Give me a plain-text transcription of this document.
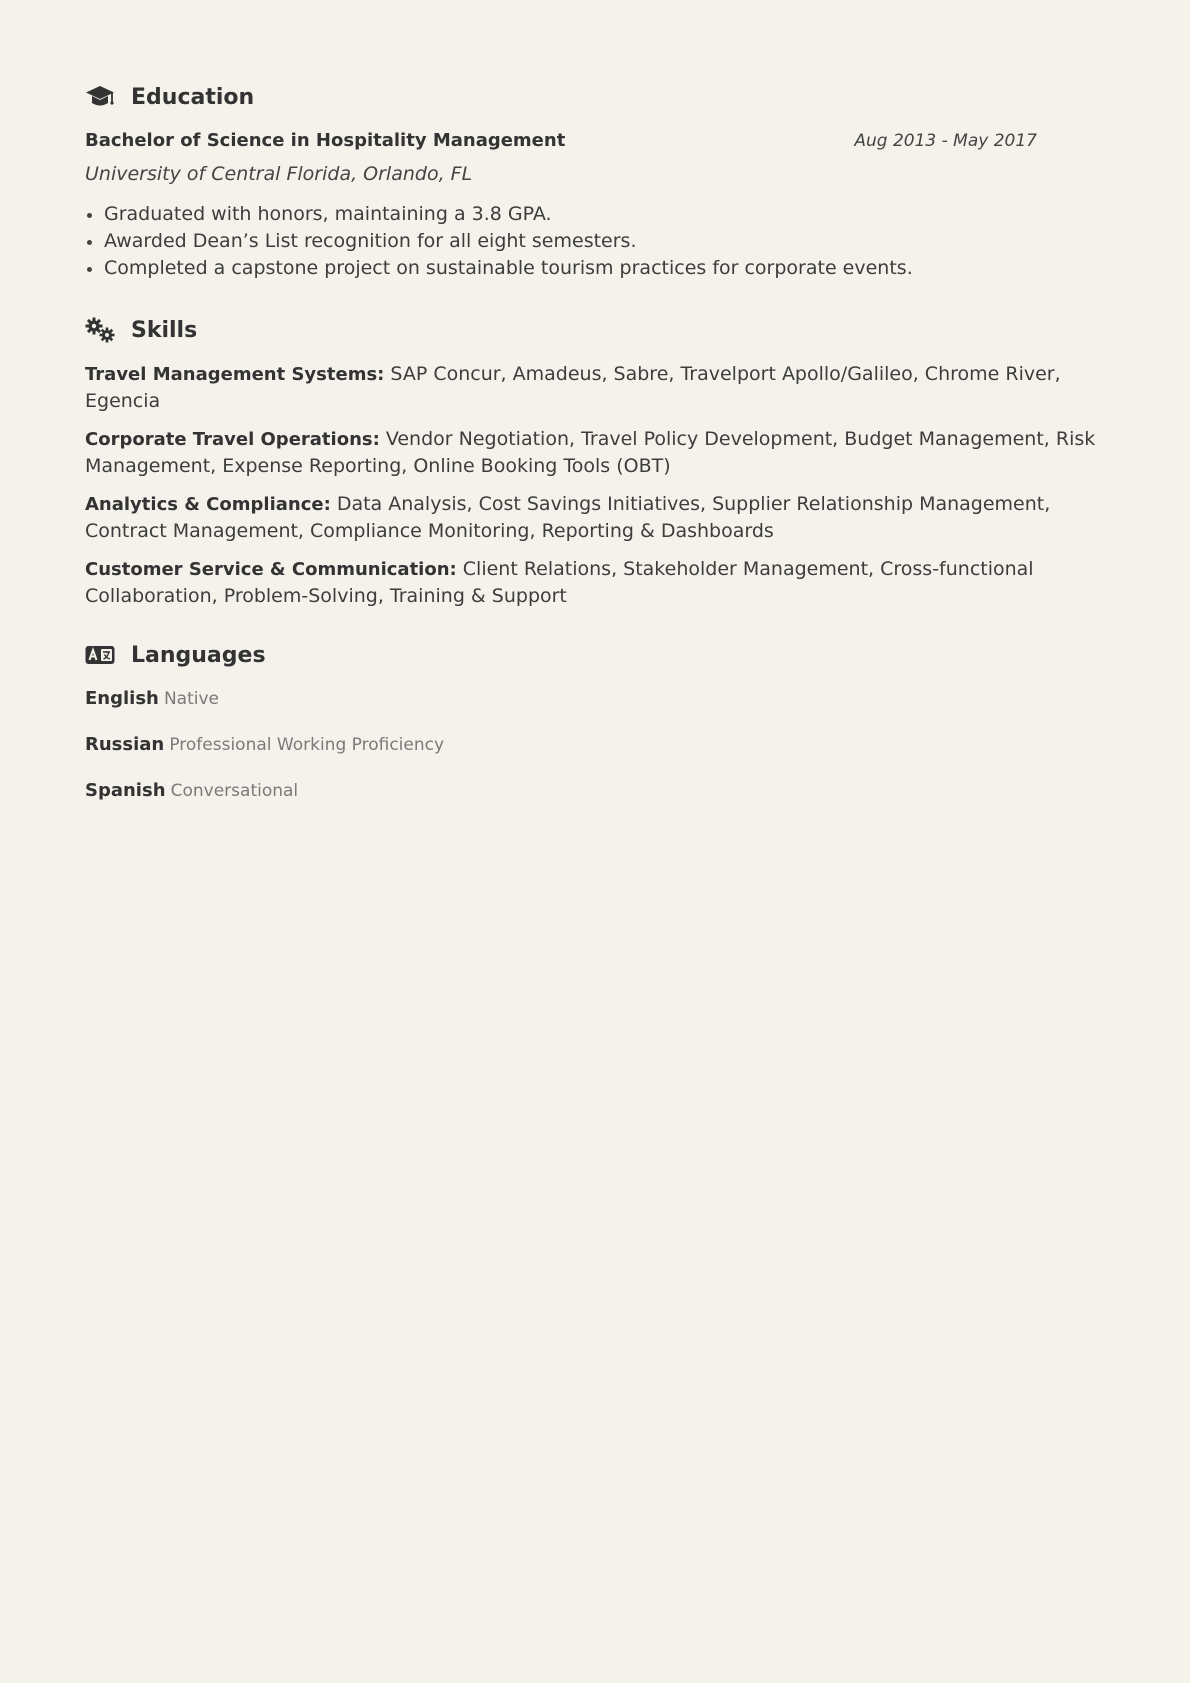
Education
Bachelor of Science in Hospitality Management	Aug 2013 - May 2017
University of Central Florida, Orlando, FL
Graduated with honors, maintaining a 3.8 GPA.
Awarded Dean’s List recognition for all eight semesters.
Completed a capstone project on sustainable tourism practices for corporate events.
Skills

Travel Management Systems: SAP Concur, Amadeus, Sabre, Travelport Apollo/Galileo, Chrome River, Egencia

Corporate Travel Operations: Vendor Negotiation, Travel Policy Development, Budget Management, Risk Management, Expense Reporting, Online Booking Tools (OBT)

Analytics & Compliance: Data Analysis, Cost Savings Initiatives, Supplier Relationship Management, Contract Management, Compliance Monitoring, Reporting & Dashboards

Customer Service & Communication: Client Relations, Stakeholder Management, Cross-functional Collaboration, Problem-Solving, Training & Support

Languages

English Native

Russian Professional Working Proficiency

Spanish Conversational
